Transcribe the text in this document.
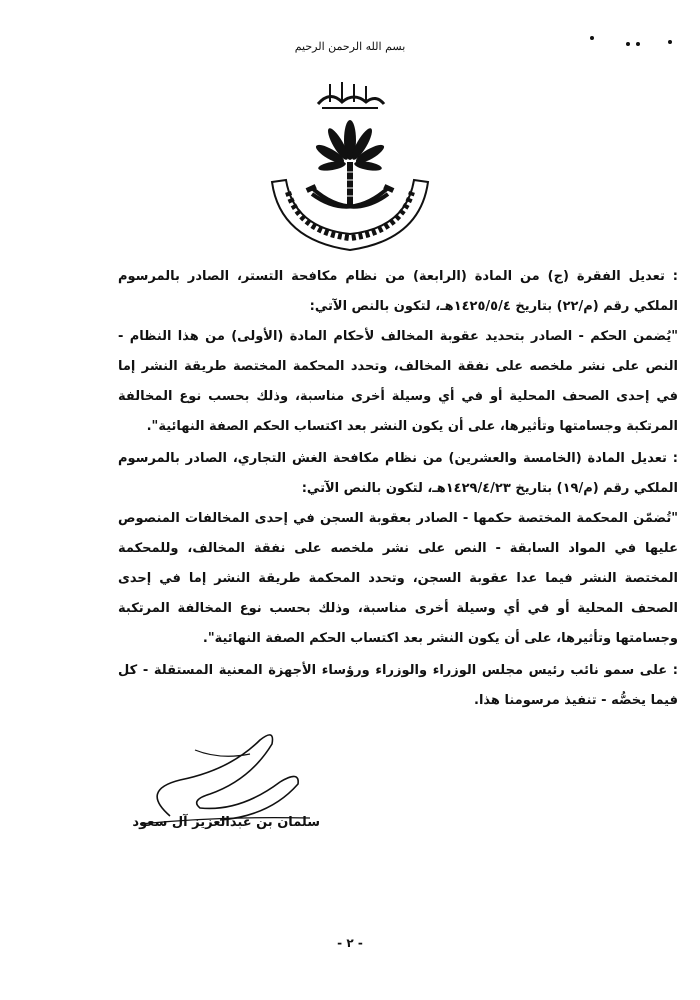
بسم الله الرحمن الرحيم

: تعديل الفقرة (ج) من المادة (الرابعة) من نظام مكافحة التستر، الصادر بالمرسوم الملكي رقم (م/٢٢) بتاريخ ١٤٢٥/٥/٤هـ، لتكون بالنص الآتي:

"يُضمن الحكم - الصادر بتحديد عقوبة المخالف لأحكام المادة (الأولى) من هذا النظام - النص على نشر ملخصه على نفقة المخالف، وتحدد المحكمة المختصة طريقة النشر إما في إحدى الصحف المحلية أو في أي وسيلة أخرى مناسبة، وذلك بحسب نوع المخالفة المرتكبة وجسامتها وتأثيرها، على أن يكون النشر بعد اكتساب الحكم الصفة النهائية".

: تعديل المادة (الخامسة والعشرين) من نظام مكافحة الغش التجاري، الصادر بالمرسوم الملكي رقم (م/١٩) بتاريخ ١٤٢٩/٤/٢٣هـ، لتكون بالنص الآتي:

"تُضمّن المحكمة المختصة حكمها - الصادر بعقوبة السجن في إحدى المخالفات المنصوص عليها في المواد السابقة - النص على نشر ملخصه على نفقة المخالف، وللمحكمة المختصة النشر فيما عدا عقوبة السجن، وتحدد المحكمة طريقة النشر إما في إحدى الصحف المحلية أو في أي وسيلة أخرى مناسبة، وذلك بحسب نوع المخالفة المرتكبة وجسامتها وتأثيرها، على أن يكون النشر بعد اكتساب الحكم الصفة النهائية".

: على سمو نائب رئيس مجلس الوزراء والوزراء ورؤساء الأجهزة المعنية المستقلة - كل فيما يخصُّه - تنفيذ مرسومنا هذا.

سلمان بن عبدالعزيز آل سعود
- ٢ -
